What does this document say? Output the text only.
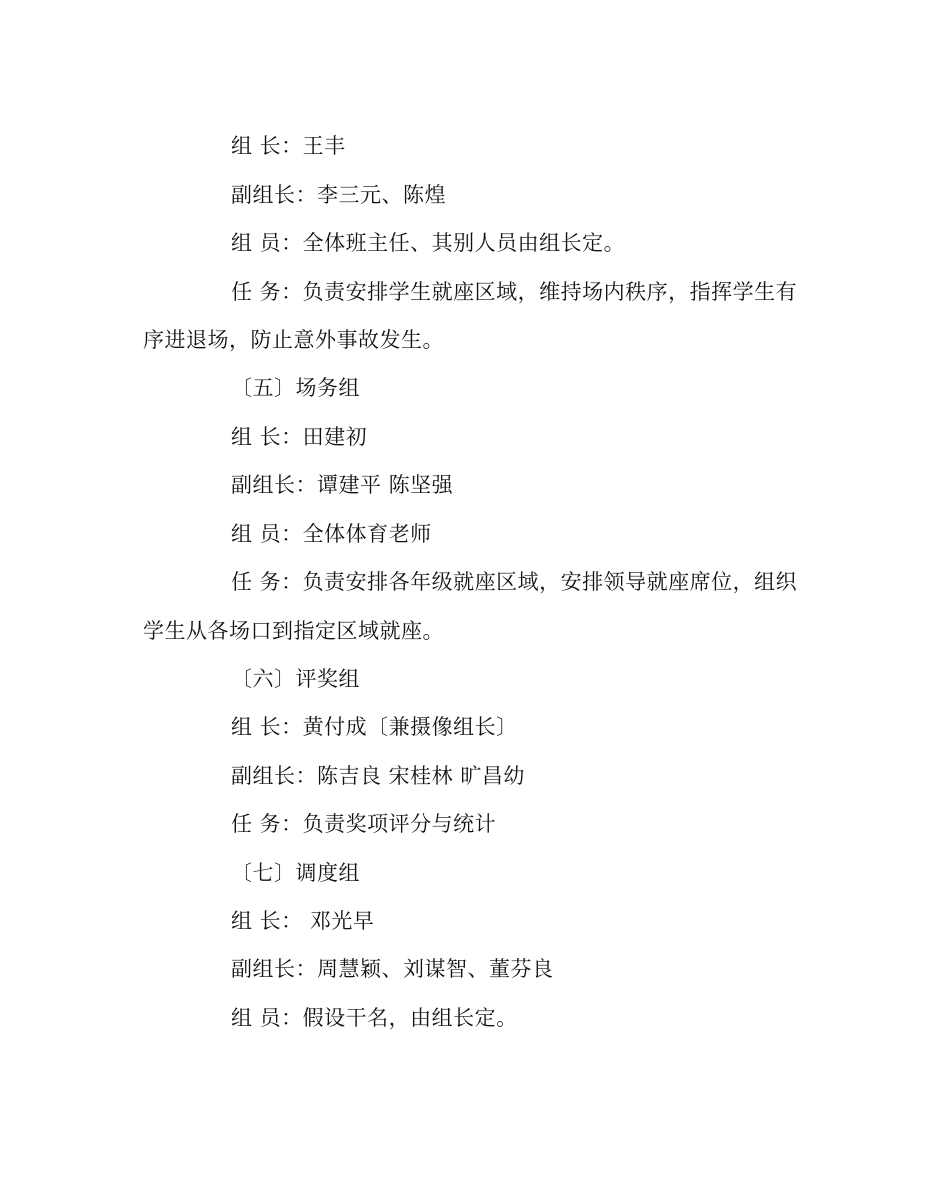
组 长：王丰
副组长：李三元、陈煌
组 员：全体班主任、其别人员由组长定。
任 务：负责安排学生就座区域，维持场内秩序，指挥学生有
序进退场，防止意外事故发生。
〔五〕场务组
组 长：田建初
副组长：谭建平 陈坚强
组 员：全体体育老师
任 务：负责安排各年级就座区域，安排领导就座席位，组织
学生从各场口到指定区域就座。
〔六〕评奖组
组 长：黄付成〔兼摄像组长〕
副组长：陈吉良 宋桂林 旷昌幼
任 务：负责奖项评分与统计
〔七〕调度组
组 长： 邓光早
副组长：周慧颖、刘谋智、董芬良
组 员：假设干名，由组长定。
